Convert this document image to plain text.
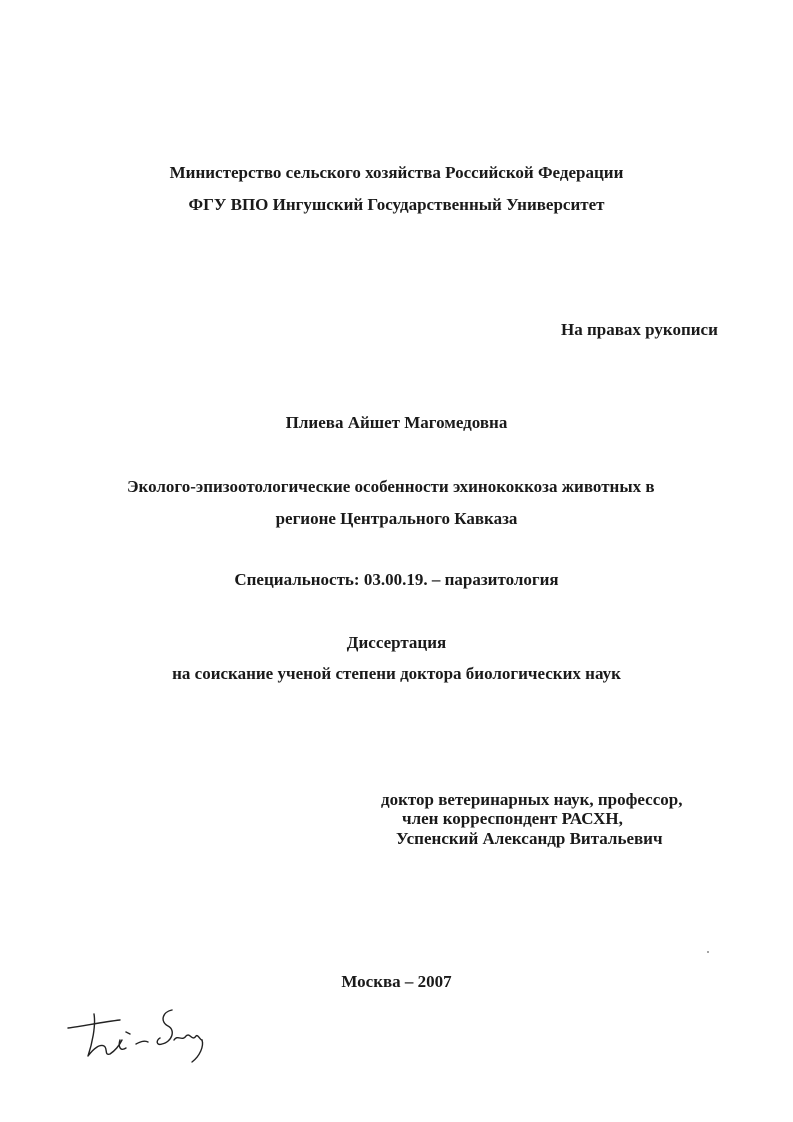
Министерство сельского хозяйства Российской Федерации
ФГУ ВПО Ингушский Государственный Университет
На правах рукописи
Плиева Айшет Магомедовна
Эколого-эпизоотологические особенности эхинококкоза животных в
регионе Центрального Кавказа
Специальность: 03.00.19. – паразитология
Диссертация
на соискание ученой степени доктора биологических наук
доктор ветеринарных наук, профессор,
член корреспондент РАСХН,
Успенский Александр Витальевич
Москва – 2007
